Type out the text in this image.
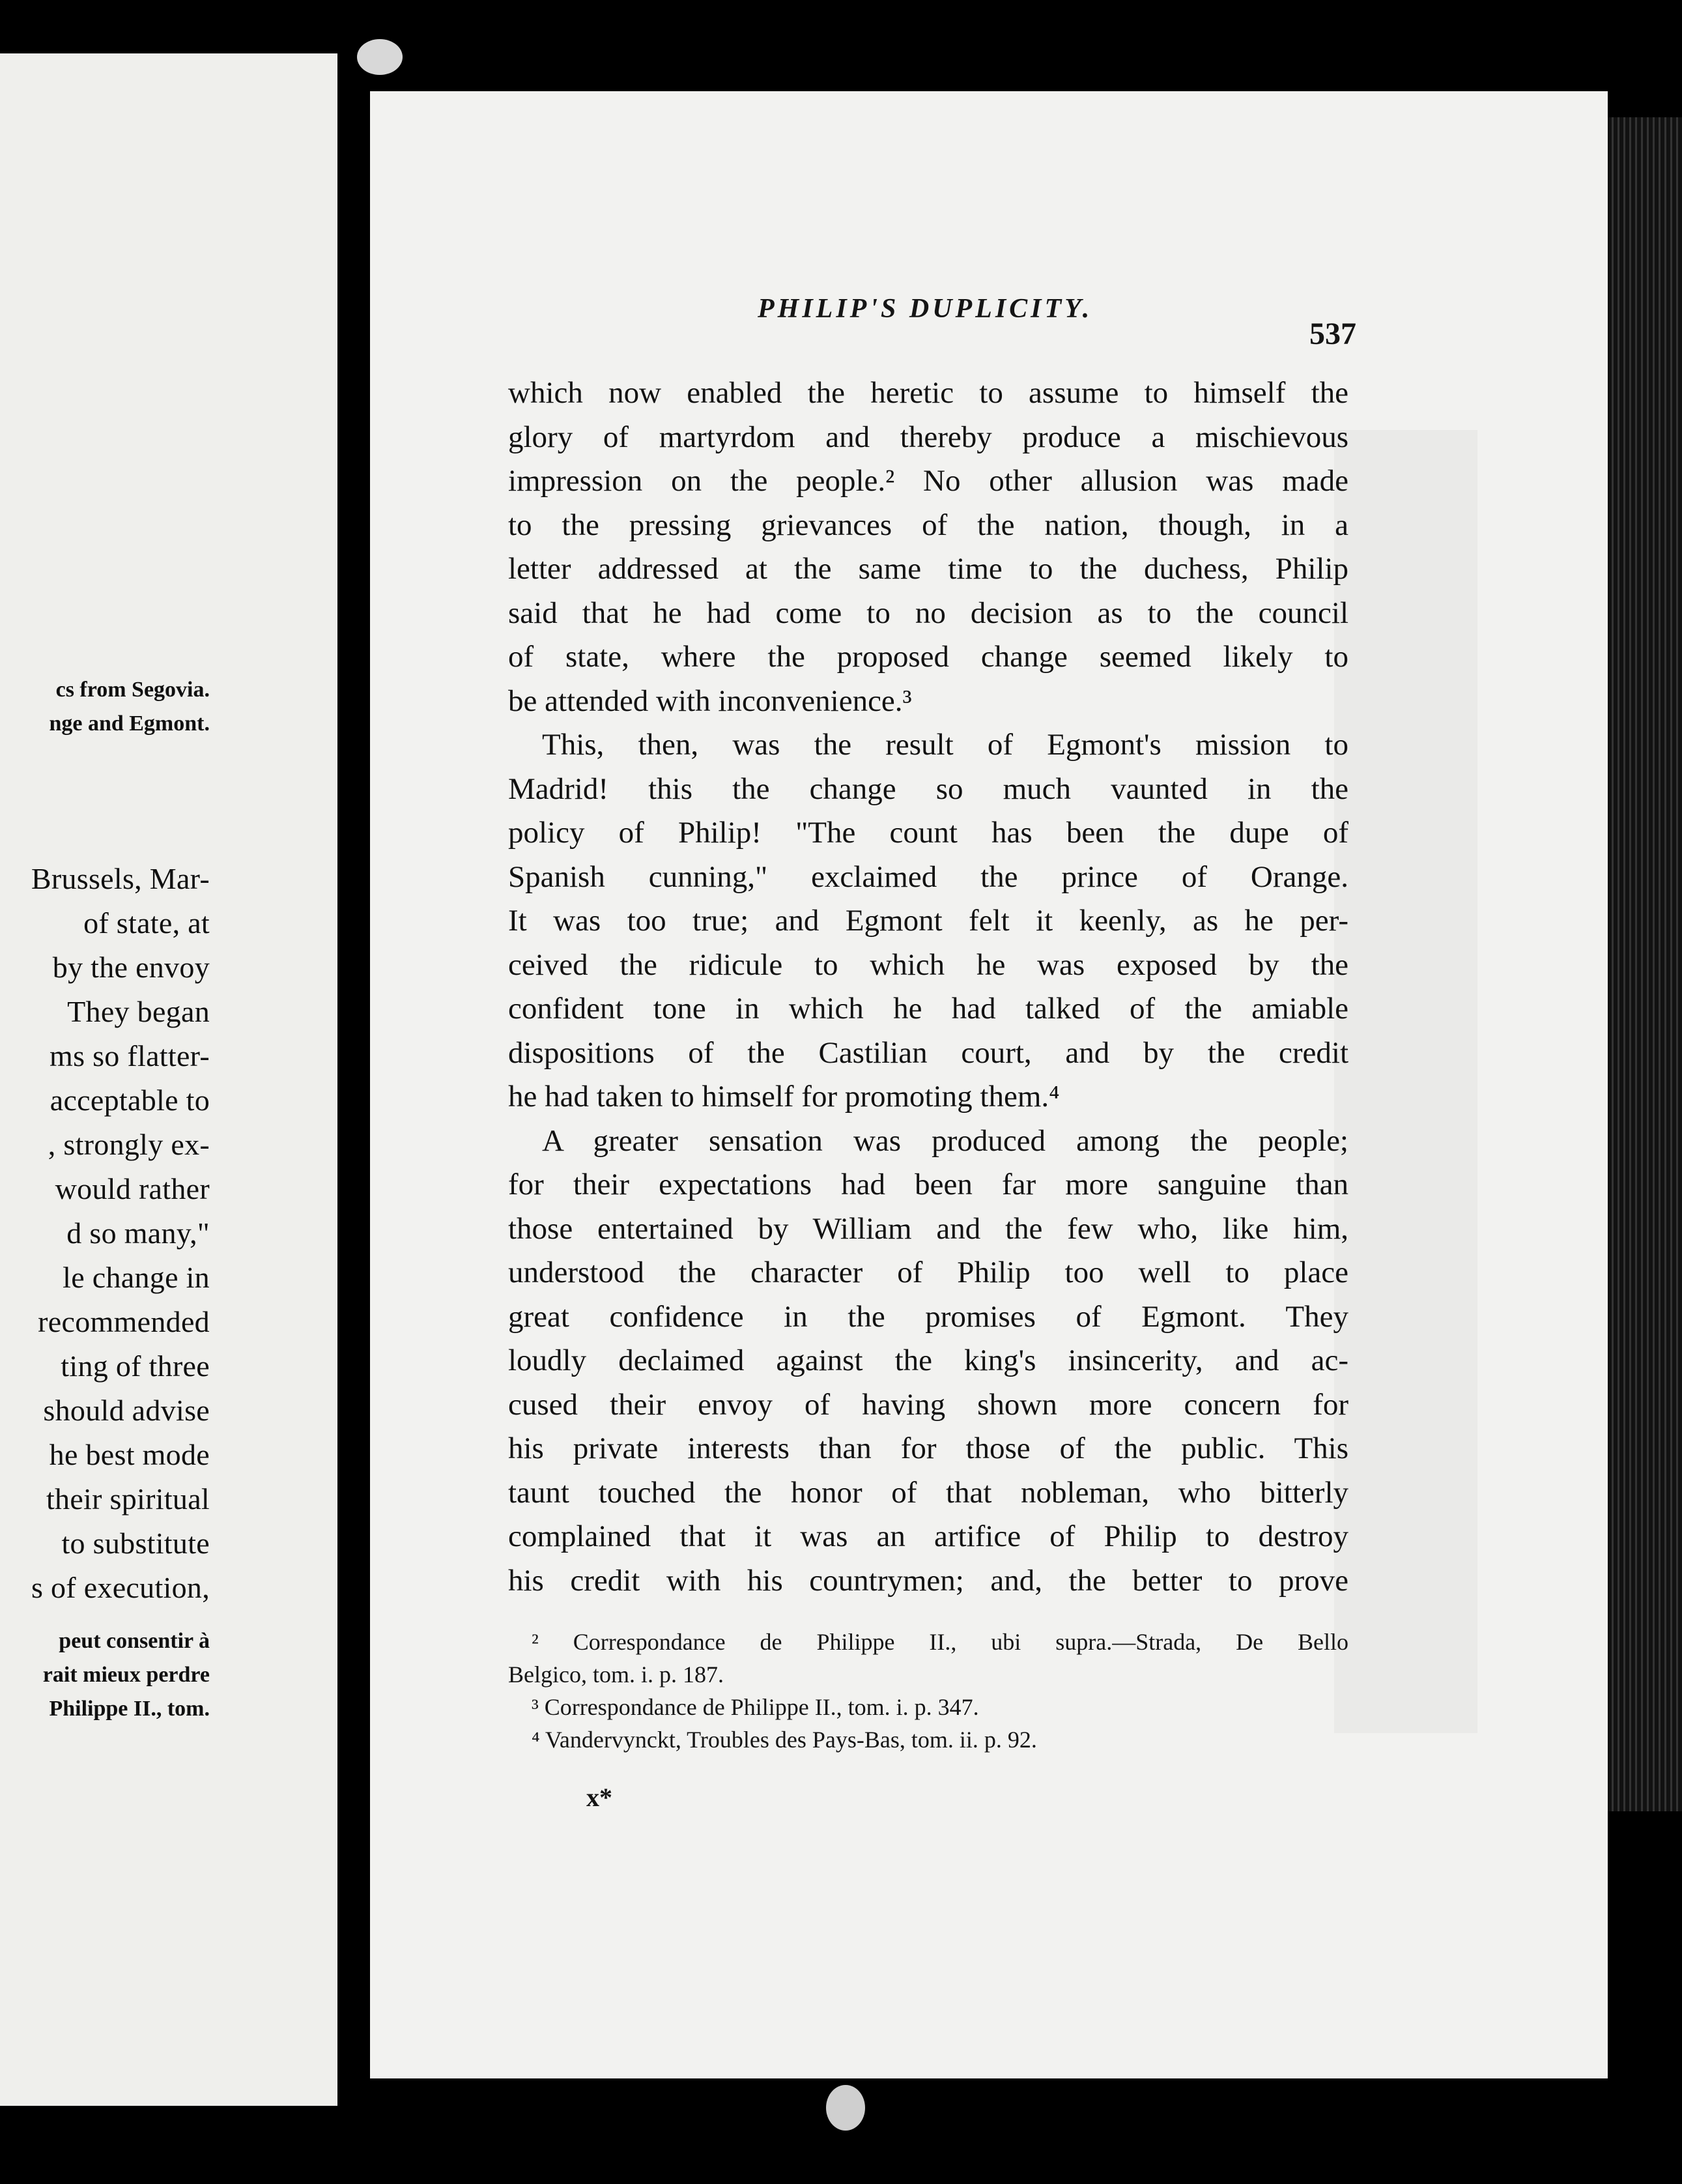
cs from Segovia.
nge and Egmont.
Brussels, Mar-
of state, at
by the envoy
They began
ms so flatter-
acceptable to
, strongly ex-
would rather
d so many,"
le change in
recommended
ting of three
should advise
he best mode
their spiritual
to substitute
s of execution,
peut consentir à
rait mieux perdre
Philippe II., tom.
PHILIP'S DUPLICITY.
537
which now enabled the heretic to assume to himself the
glory of martyrdom and thereby produce a mischievous
impression on the people.² No other allusion was made
to the pressing grievances of the nation, though, in a
letter addressed at the same time to the duchess, Philip
said that he had come to no decision as to the council
of state, where the proposed change seemed likely to
be attended with inconvenience.³
This, then, was the result of Egmont's mission to
Madrid! this the change so much vaunted in the
policy of Philip! "The count has been the dupe of
Spanish cunning," exclaimed the prince of Orange.
It was too true; and Egmont felt it keenly, as he per-
ceived the ridicule to which he was exposed by the
confident tone in which he had talked of the amiable
dispositions of the Castilian court, and by the credit
he had taken to himself for promoting them.⁴
A greater sensation was produced among the people;
for their expectations had been far more sanguine than
those entertained by William and the few who, like him,
understood the character of Philip too well to place
great confidence in the promises of Egmont. They
loudly declaimed against the king's insincerity, and ac-
cused their envoy of having shown more concern for
his private interests than for those of the public. This
taunt touched the honor of that nobleman, who bitterly
complained that it was an artifice of Philip to destroy
his credit with his countrymen; and, the better to prove
² Correspondance de Philippe II., ubi supra.—Strada, De Bello
Belgico, tom. i. p. 187.
³ Correspondance de Philippe II., tom. i. p. 347.
⁴ Vandervynckt, Troubles des Pays-Bas, tom. ii. p. 92.
x*
